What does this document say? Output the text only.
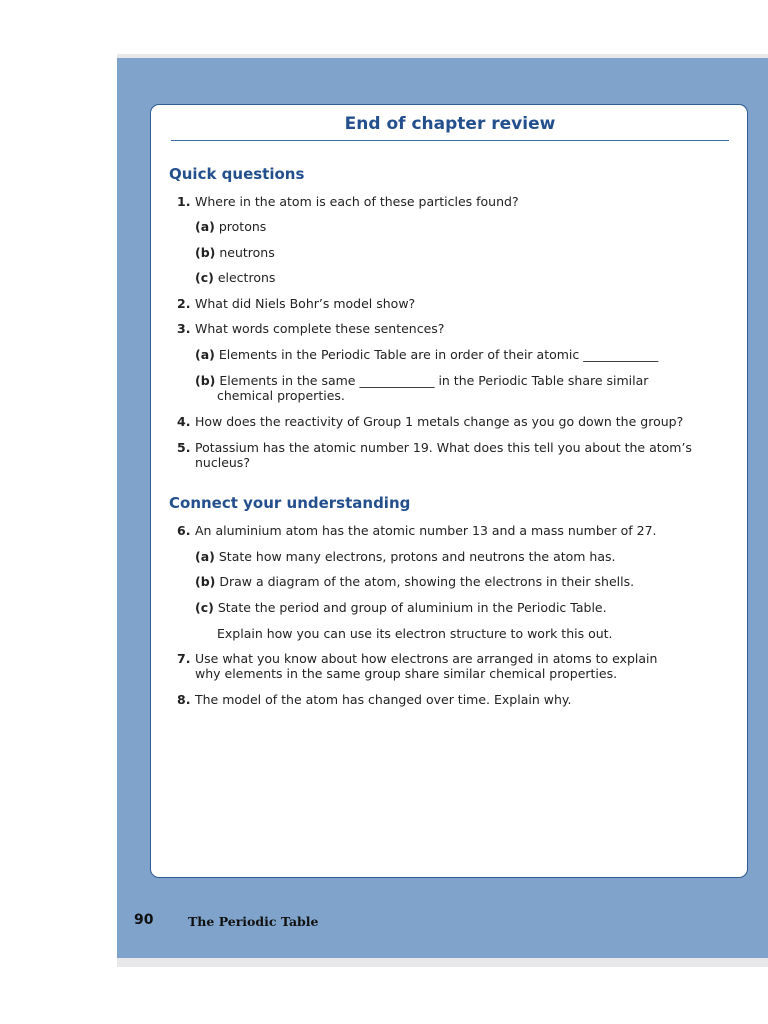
End of chapter review
Quick questions
1. Where in the atom is each of these particles found?
(a) protons
(b) neutrons
(c) electrons
2. What did Niels Bohr’s model show?
3. What words complete these sentences?
(a) Elements in the Periodic Table are in order of their atomic ____________
(b) Elements in the same ____________ in the Periodic Table share similar
chemical properties.
4. How does the reactivity of Group 1 metals change as you go down the group?
5. Potassium has the atomic number 19. What does this tell you about the atom’s
nucleus?
Connect your understanding
6. An aluminium atom has the atomic number 13 and a mass number of 27.
(a) State how many electrons, protons and neutrons the atom has.
(b) Draw a diagram of the atom, showing the electrons in their shells.
(c) State the period and group of aluminium in the Periodic Table.
Explain how you can use its electron structure to work this out.
7. Use what you know about how electrons are arranged in atoms to explain
why elements in the same group share similar chemical properties.
8. The model of the atom has changed over time. Explain why.
90	The Periodic Table
